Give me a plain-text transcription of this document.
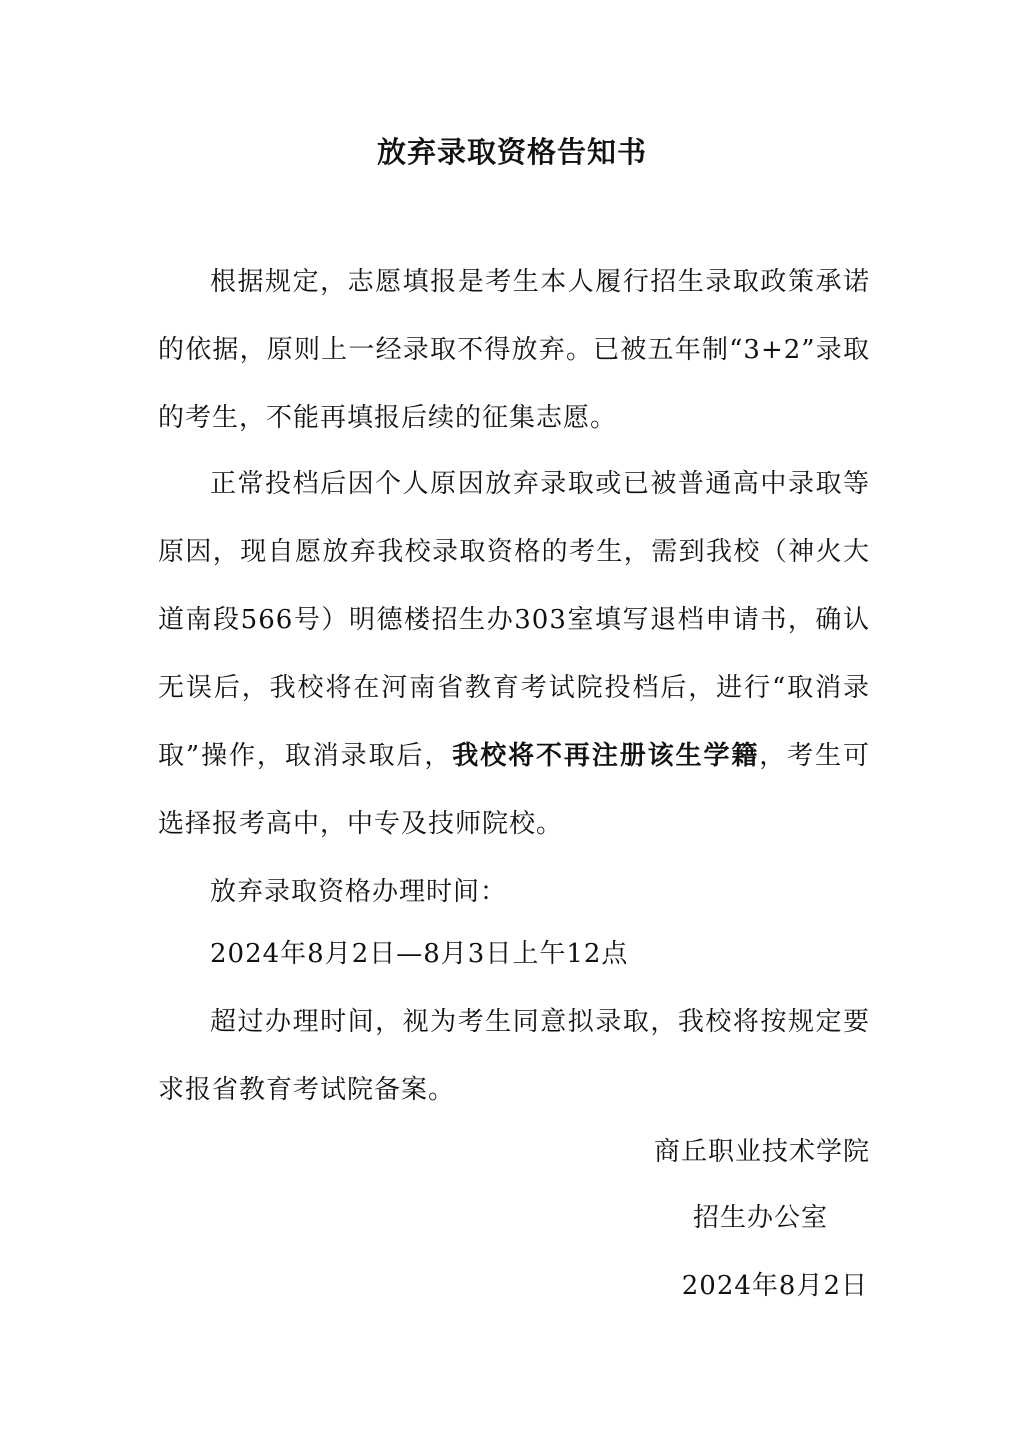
放弃录取资格告知书

根据规定，志愿填报是考生本人履行招生录取政策承诺的依据，原则上一经录取不得放弃。已被五年制“3+2”录取的考生，不能再填报后续的征集志愿。

正常投档后因个人原因放弃录取或已被普通高中录取等原因，现自愿放弃我校录取资格的考生，需到我校（神火大道南段566号）明德楼招生办303室填写退档申请书，确认无误后，我校将在河南省教育考试院投档后，进行“取消录取”操作，取消录取后，我校将不再注册该生学籍，考生可选择报考高中，中专及技师院校。

放弃录取资格办理时间：

2024年8月2日—8月3日上午12点

超过办理时间，视为考生同意拟录取，我校将按规定要求报省教育考试院备案。

商丘职业技术学院
招生办公室
2024年8月2日
